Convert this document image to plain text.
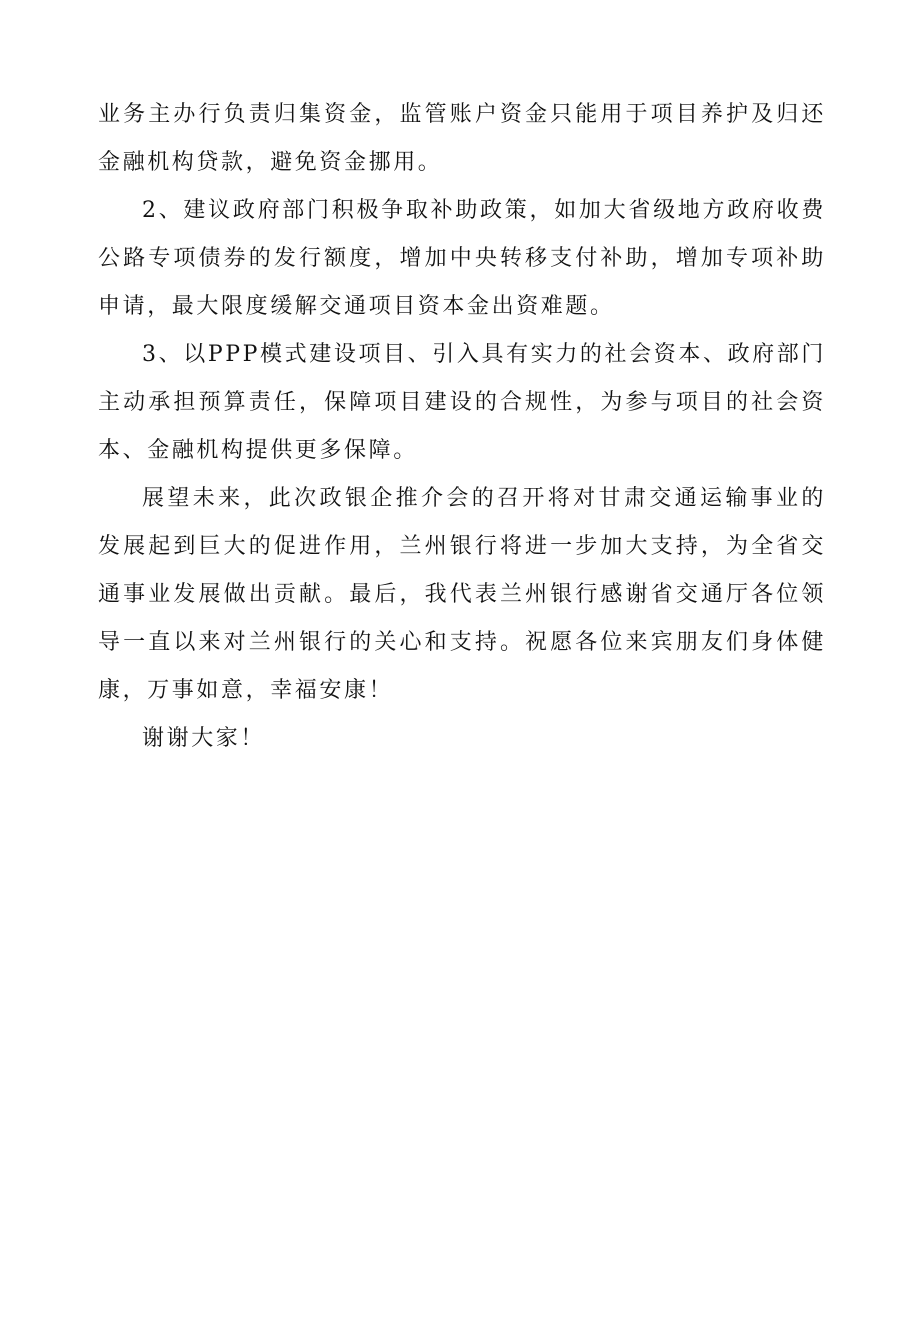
业务主办行负责归集资金，监管账户资金只能用于项目养护及归还金融机构贷款，避免资金挪用。

2、建议政府部门积极争取补助政策，如加大省级地方政府收费公路专项债券的发行额度，增加中央转移支付补助，增加专项补助申请，最大限度缓解交通项目资本金出资难题。

3、以PPP模式建设项目、引入具有实力的社会资本、政府部门主动承担预算责任，保障项目建设的合规性，为参与项目的社会资本、金融机构提供更多保障。

展望未来，此次政银企推介会的召开将对甘肃交通运输事业的发展起到巨大的促进作用，兰州银行将进一步加大支持，为全省交通事业发展做出贡献。最后，我代表兰州银行感谢省交通厅各位领导一直以来对兰州银行的关心和支持。祝愿各位来宾朋友们身体健康，万事如意，幸福安康！

谢谢大家！
